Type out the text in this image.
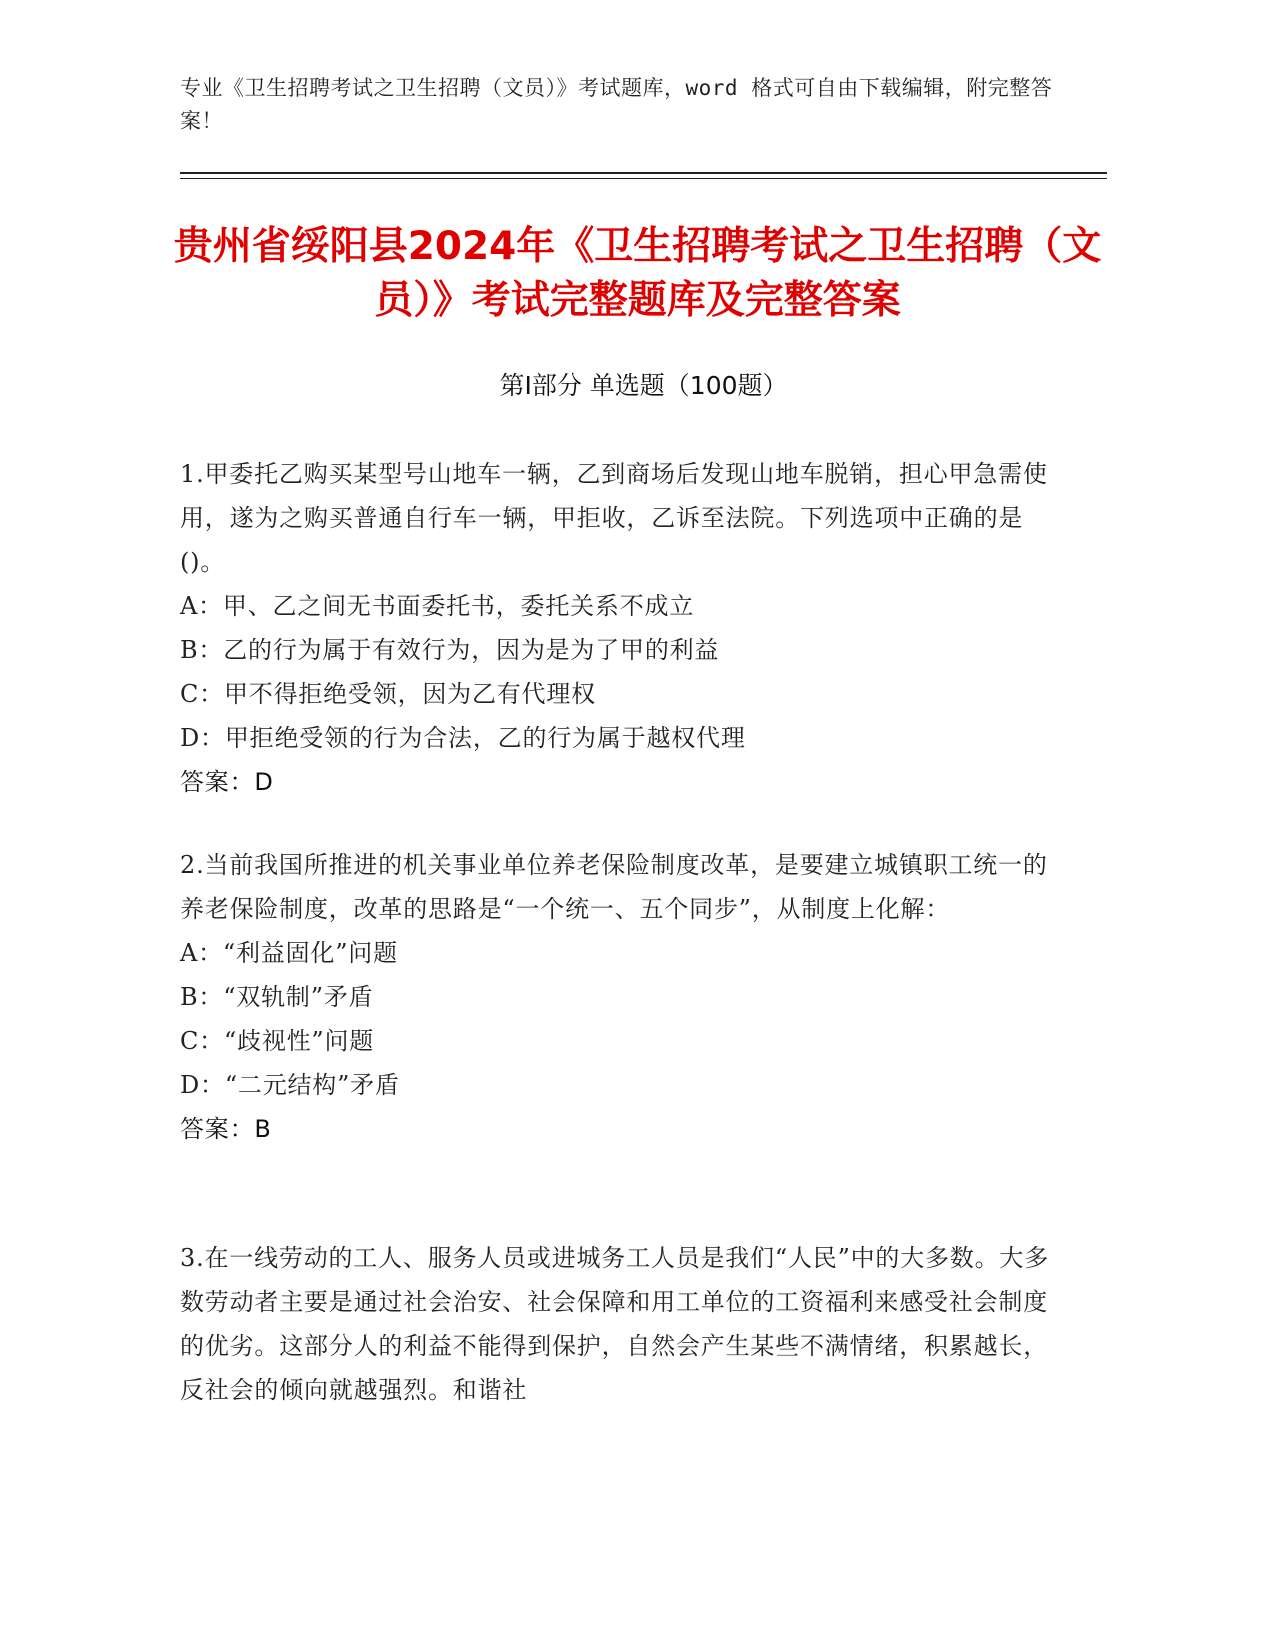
专业《卫生招聘考试之卫生招聘（文员）》考试题库，word 格式可自由下载编辑，附完整答案！
贵州省绥阳县2024年《卫生招聘考试之卫生招聘（文员）》考试完整题库及完整答案
第Ⅰ部分 单选题（100题）
1.甲委托乙购买某型号山地车一辆，乙到商场后发现山地车脱销，担心甲急需使用，遂为之购买普通自行车一辆，甲拒收，乙诉至法院。下列选项中正确的是()。
A：甲、乙之间无书面委托书，委托关系不成立
B：乙的行为属于有效行为，因为是为了甲的利益
C：甲不得拒绝受领，因为乙有代理权
D：甲拒绝受领的行为合法，乙的行为属于越权代理
答案：D
2.当前我国所推进的机关事业单位养老保险制度改革，是要建立城镇职工统一的养老保险制度，改革的思路是“一个统一、五个同步”，从制度上化解：
A：“利益固化”问题
B：“双轨制”矛盾
C：“歧视性”问题
D：“二元结构”矛盾
答案：B
3.在一线劳动的工人、服务人员或进城务工人员是我们“人民”中的大多数。大多数劳动者主要是通过社会治安、社会保障和用工单位的工资福利来感受社会制度的优劣。这部分人的利益不能得到保护，自然会产生某些不满情绪，积累越长，反社会的倾向就越强烈。和谐社
